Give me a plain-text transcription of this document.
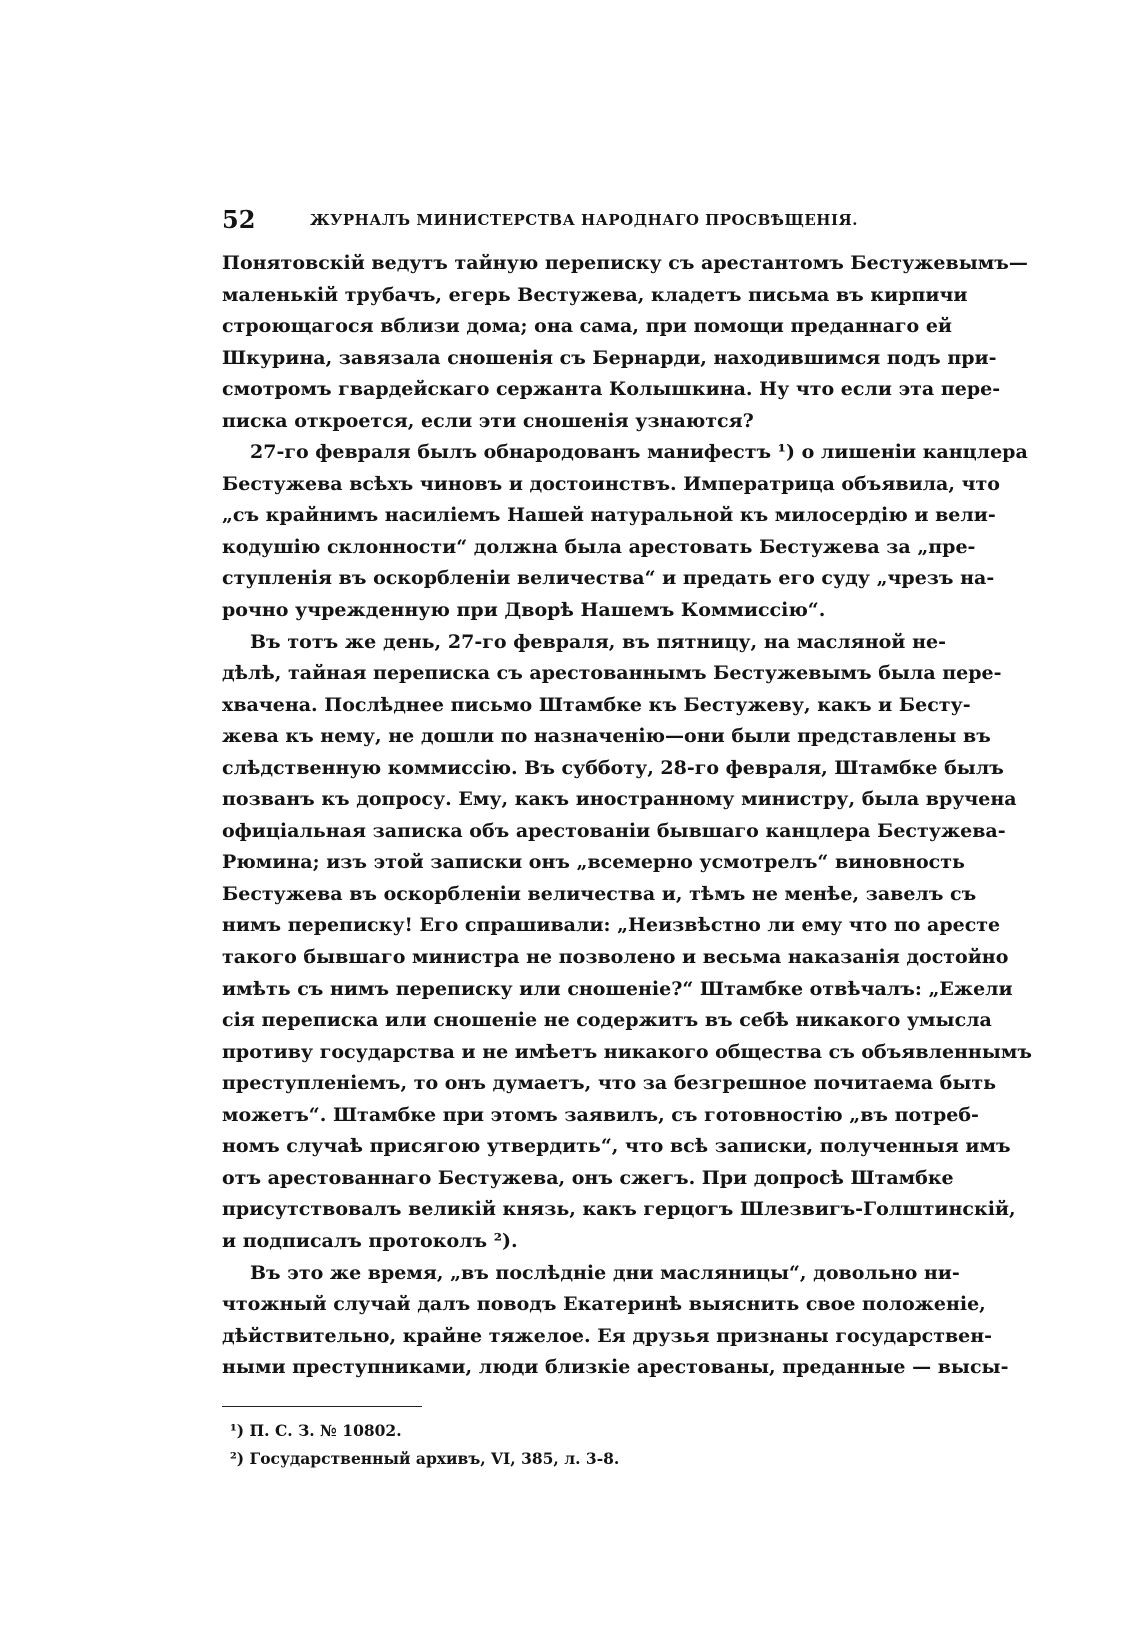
52	ЖУРНАЛЪ МИНИСТЕРСТВА НАРОДНАГО ПРОСВѢЩЕНІЯ.
Понятовскій ведутъ тайную переписку съ арестантомъ Бестужевымъ—
маленькій трубачъ, егерь Вестужева, кладетъ письма въ кирпичи
строющагося вблизи дома; она сама, при помощи преданнаго ей
Шкурина, завязала сношенія съ Бернарди, находившимся подъ при-
смотромъ гвардейскаго сержанта Колышкина. Ну что если эта пере-
писка откроется, если эти сношенія узнаются?
27-го февраля былъ обнародованъ манифестъ ¹) о лишеніи канцлера
Бестужева всѣхъ чиновъ и достоинствъ. Императрица объявила, что
„съ крайнимъ насиліемъ Нашей натуральной къ милосердію и вели-
кодушію склонности“ должна была арестовать Бестужева за „пре-
ступленія въ оскорбленіи величества“ и предать его суду „чрезъ на-
рочно учрежденную при Дворѣ Нашемъ Коммиссію“.
Въ тотъ же день, 27-го февраля, въ пятницу, на масляной не-
дѣлѣ, тайная переписка съ арестованнымъ Бестужевымъ была пере-
хвачена. Послѣднее письмо Штамбке къ Бестужеву, какъ и Бесту-
жева къ нему, не дошли по назначенію—они были представлены въ
слѣдственную коммиссію. Въ субботу, 28-го февраля, Штамбке былъ
позванъ къ допросу. Ему, какъ иностранному министру, была вручена
офиціальная записка объ арестованіи бывшаго канцлера Бестужева-
Рюмина; изъ этой записки онъ „всемерно усмотрелъ“ виновность
Бестужева въ оскорбленіи величества и, тѣмъ не менѣе, завелъ съ
нимъ переписку! Его спрашивали: „Неизвѣстно ли ему что по аресте
такого бывшаго министра не позволено и весьма наказанія достойно
имѣть съ нимъ переписку или сношеніе?“ Штамбке отвѣчалъ: „Ежели
сія переписка или сношеніе не содержитъ въ себѣ никакого умысла
противу государства и не имѣетъ никакого общества съ объявленнымъ
преступленіемъ, то онъ думаетъ, что за безгрешное почитаема быть
можетъ“. Штамбке при этомъ заявилъ, съ готовностію „въ потреб-
номъ случаѣ присягою утвердить“, что всѣ записки, полученныя имъ
отъ арестованнаго Бестужева, онъ сжегъ. При допросѣ Штамбке
присутствовалъ великій князь, какъ герцогъ Шлезвигъ-Голштинскій,
и подписалъ протоколъ ²).
Въ это же время, „въ послѣдніе дни масляницы“, довольно ни-
чтожный случай далъ поводъ Екатеринѣ выяснить свое положеніе,
дѣйствительно, крайне тяжелое. Ея друзья признаны государствен-
ными преступниками, люди близкіе арестованы, преданные — высы-
¹) П. С. З. № 10802.
²) Государственный архивъ, VI, 385, л. 3-8.
